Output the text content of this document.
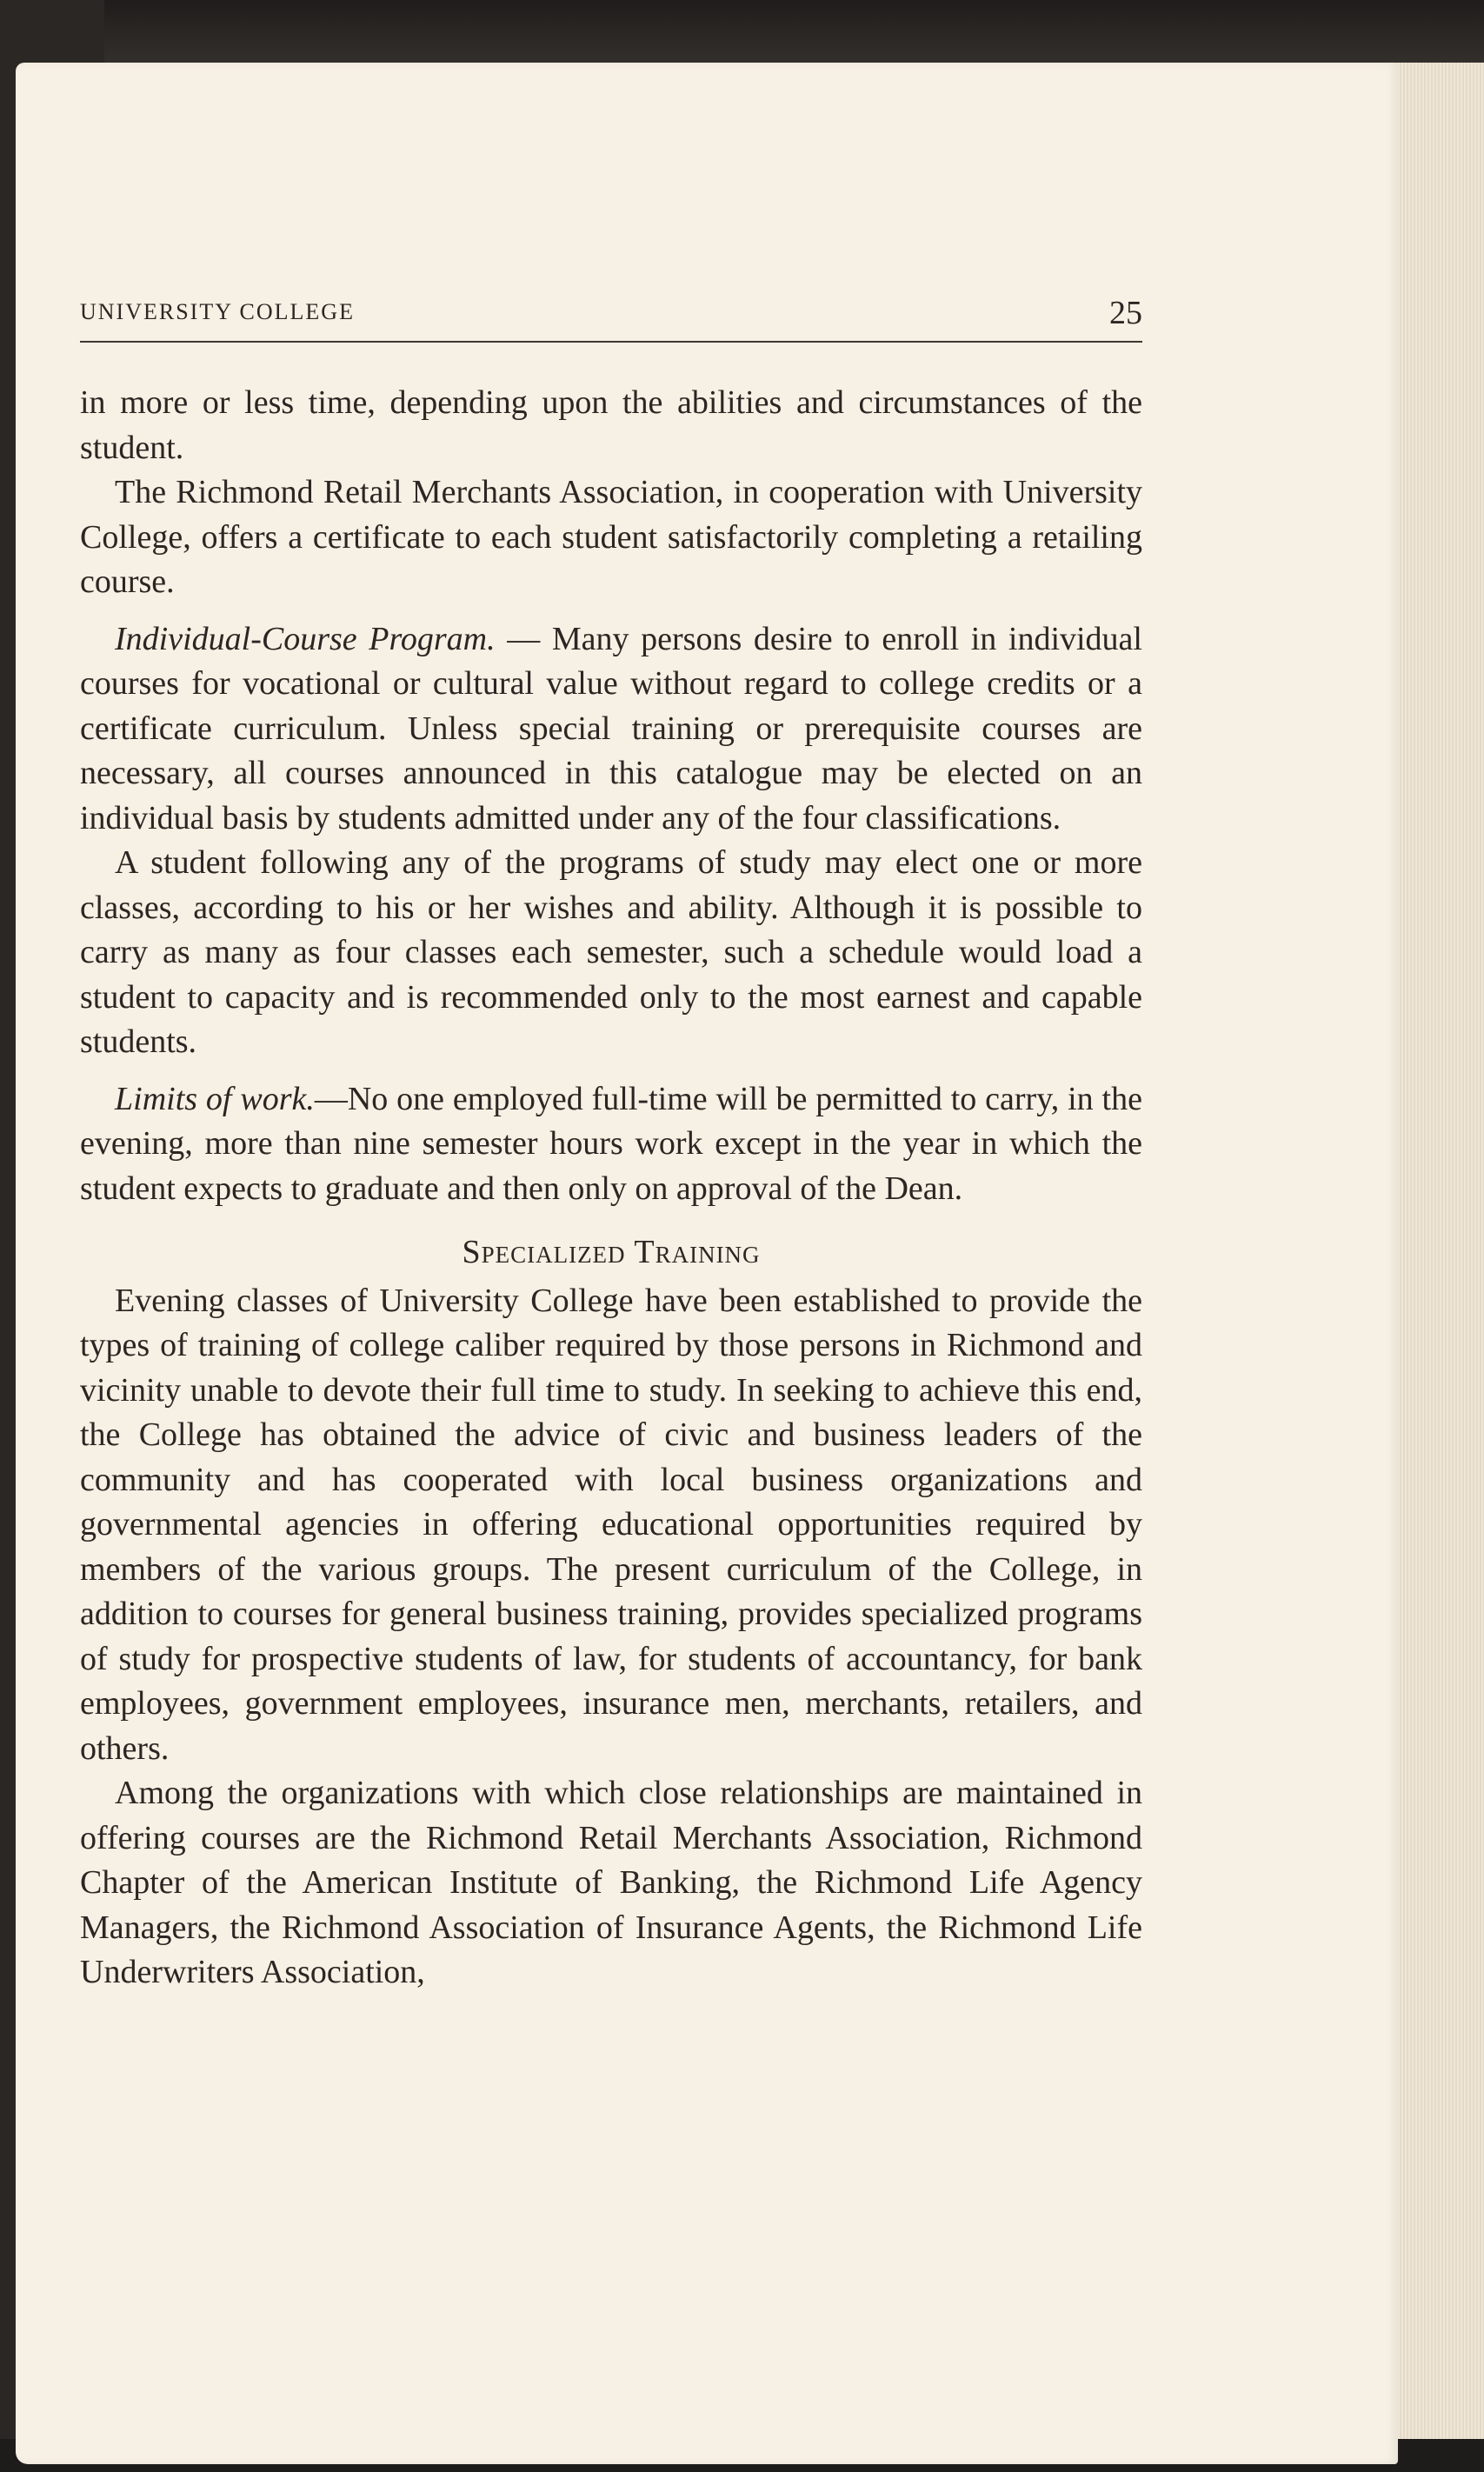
UNIVERSITY COLLEGE	25

in more or less time, depending upon the abilities and circumstances of the student.

The Richmond Retail Merchants Association, in cooperation with University College, offers a certificate to each student satisfactorily completing a retailing course.

Individual-Course Program. — Many persons desire to enroll in individual courses for vocational or cultural value without regard to college credits or a certificate curriculum. Unless special training or prerequisite courses are necessary, all courses announced in this catalogue may be elected on an individual basis by students admitted under any of the four classifications.

A student following any of the programs of study may elect one or more classes, according to his or her wishes and ability. Although it is possible to carry as many as four classes each semester, such a schedule would load a student to capacity and is recommended only to the most earnest and capable students.

Limits of work.—No one employed full-time will be permitted to carry, in the evening, more than nine semester hours work except in the year in which the student expects to graduate and then only on approval of the Dean.

Specialized Training

Evening classes of University College have been established to provide the types of training of college caliber required by those persons in Richmond and vicinity unable to devote their full time to study. In seeking to achieve this end, the College has obtained the advice of civic and business leaders of the community and has cooperated with local business organizations and governmental agencies in offering educational opportunities required by members of the various groups. The present curriculum of the College, in addition to courses for general business training, provides specialized programs of study for prospective students of law, for students of accountancy, for bank employees, government employees, insurance men, merchants, retailers, and others.

Among the organizations with which close relationships are maintained in offering courses are the Richmond Retail Merchants Association, Richmond Chapter of the American Institute of Banking, the Richmond Life Agency Managers, the Richmond Association of Insurance Agents, the Richmond Life Underwriters Association,
